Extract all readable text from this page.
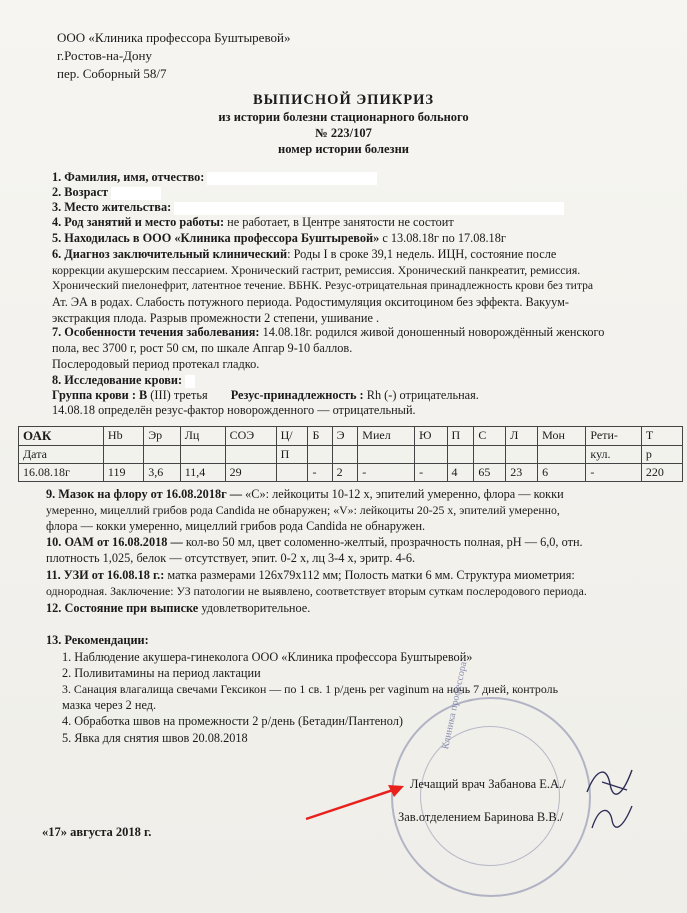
ООО «Клиника профессора Буштыревой»
г.Ростов-на-Дону
пер. Соборный 58/7
ВЫПИСНОЙ ЭПИКРИЗ
из истории болезни стационарного больного
№ 223/107
номер истории болезни
1. Фамилия, имя, отчество:
2. Возраст
3. Место жительства:
4. Род занятий и место работы: не работает, в Центре занятости не состоит
5. Находилась в ООО «Клиника профессора Буштыревой» с 13.08.18г по 17.08.18г
6. Диагноз заключительный клинический: Роды I в сроке 39,1 недель. ИЦН, состояние после
коррекции акушерским пессарием. Хронический гастрит, ремиссия. Хронический панкреатит, ремиссия.
Хронический пиелонефрит, латентное течение. ВБНК. Резус-отрицательная принадлежность крови без титра
Ат. ЭА в родах. Слабость потужного периода. Родостимуляция окситоцином без эффекта. Вакуум-
экстракция плода. Разрыв промежности 2 степени, ушивание .
7. Особенности течения заболевания: 14.08.18г. родился живой доношенный новорождённый женского
пола, вес 3700 г, рост 50 см, по шкале Апгар 9-10 баллов.
Послеродовый период протекал гладко.
8. Исследование крови:
Группа крови : В (III) третья Резус-принадлежность : Rh (-) отрицательная.
14.08.18 определён резус-фактор новорожденного — отрицательный.
ОАК	Hb	Эр	Лц	СОЭ	Ц/	Б	Э	Миел	Ю	П	С	Л	Мон	Рети-	Т
Дата					П									кул.	р
16.08.18г	119	3,6	11,4	29		-	2	-	-	4	65	23	6	-	220
9. Мазок на флору от 16.08.2018г — «С»: лейкоциты 10-12 х, эпителий умеренно, флора — кокки
умеренно, мицеллий грибов рода Candida не обнаружен; «V»: лейкоциты 20-25 х, эпителий умеренно,
флора — кокки умеренно, мицеллий грибов рода Candida не обнаружен.
10. ОАМ от 16.08.2018 — кол-во 50 мл, цвет соломенно-желтый, прозрачность полная, pH — 6,0, отн.
плотность 1,025, белок — отсутствует, эпит. 0-2 х, лц 3-4 х, эритр. 4-6.
11. УЗИ от 16.08.18 г.: матка размерами 126х79х112 мм; Полость матки 6 мм. Структура миометрия:
однородная. Заключение: УЗ патологии не выявлено, соответствует вторым суткам послеродового периода.
12. Состояние при выписке удовлетворительное.
13. Рекомендации:
1. Наблюдение акушера-гинеколога ООО «Клиника профессора Буштыревой»
2. Поливитамины на период лактации
3. Санация влагалища свечами Гексикон — по 1 св. 1 р/день per vaginum на ночь 7 дней, контроль
мазка через 2 нед.
4. Обработка швов на промежности 2 р/день (Бетадин/Пантенол)
5. Явка для снятия швов 20.08.2018	Клиника профессора
Лечащий врач Забанова Е.А./
Зав.отделением Баринова В.В./
«17» августа 2018 г.
